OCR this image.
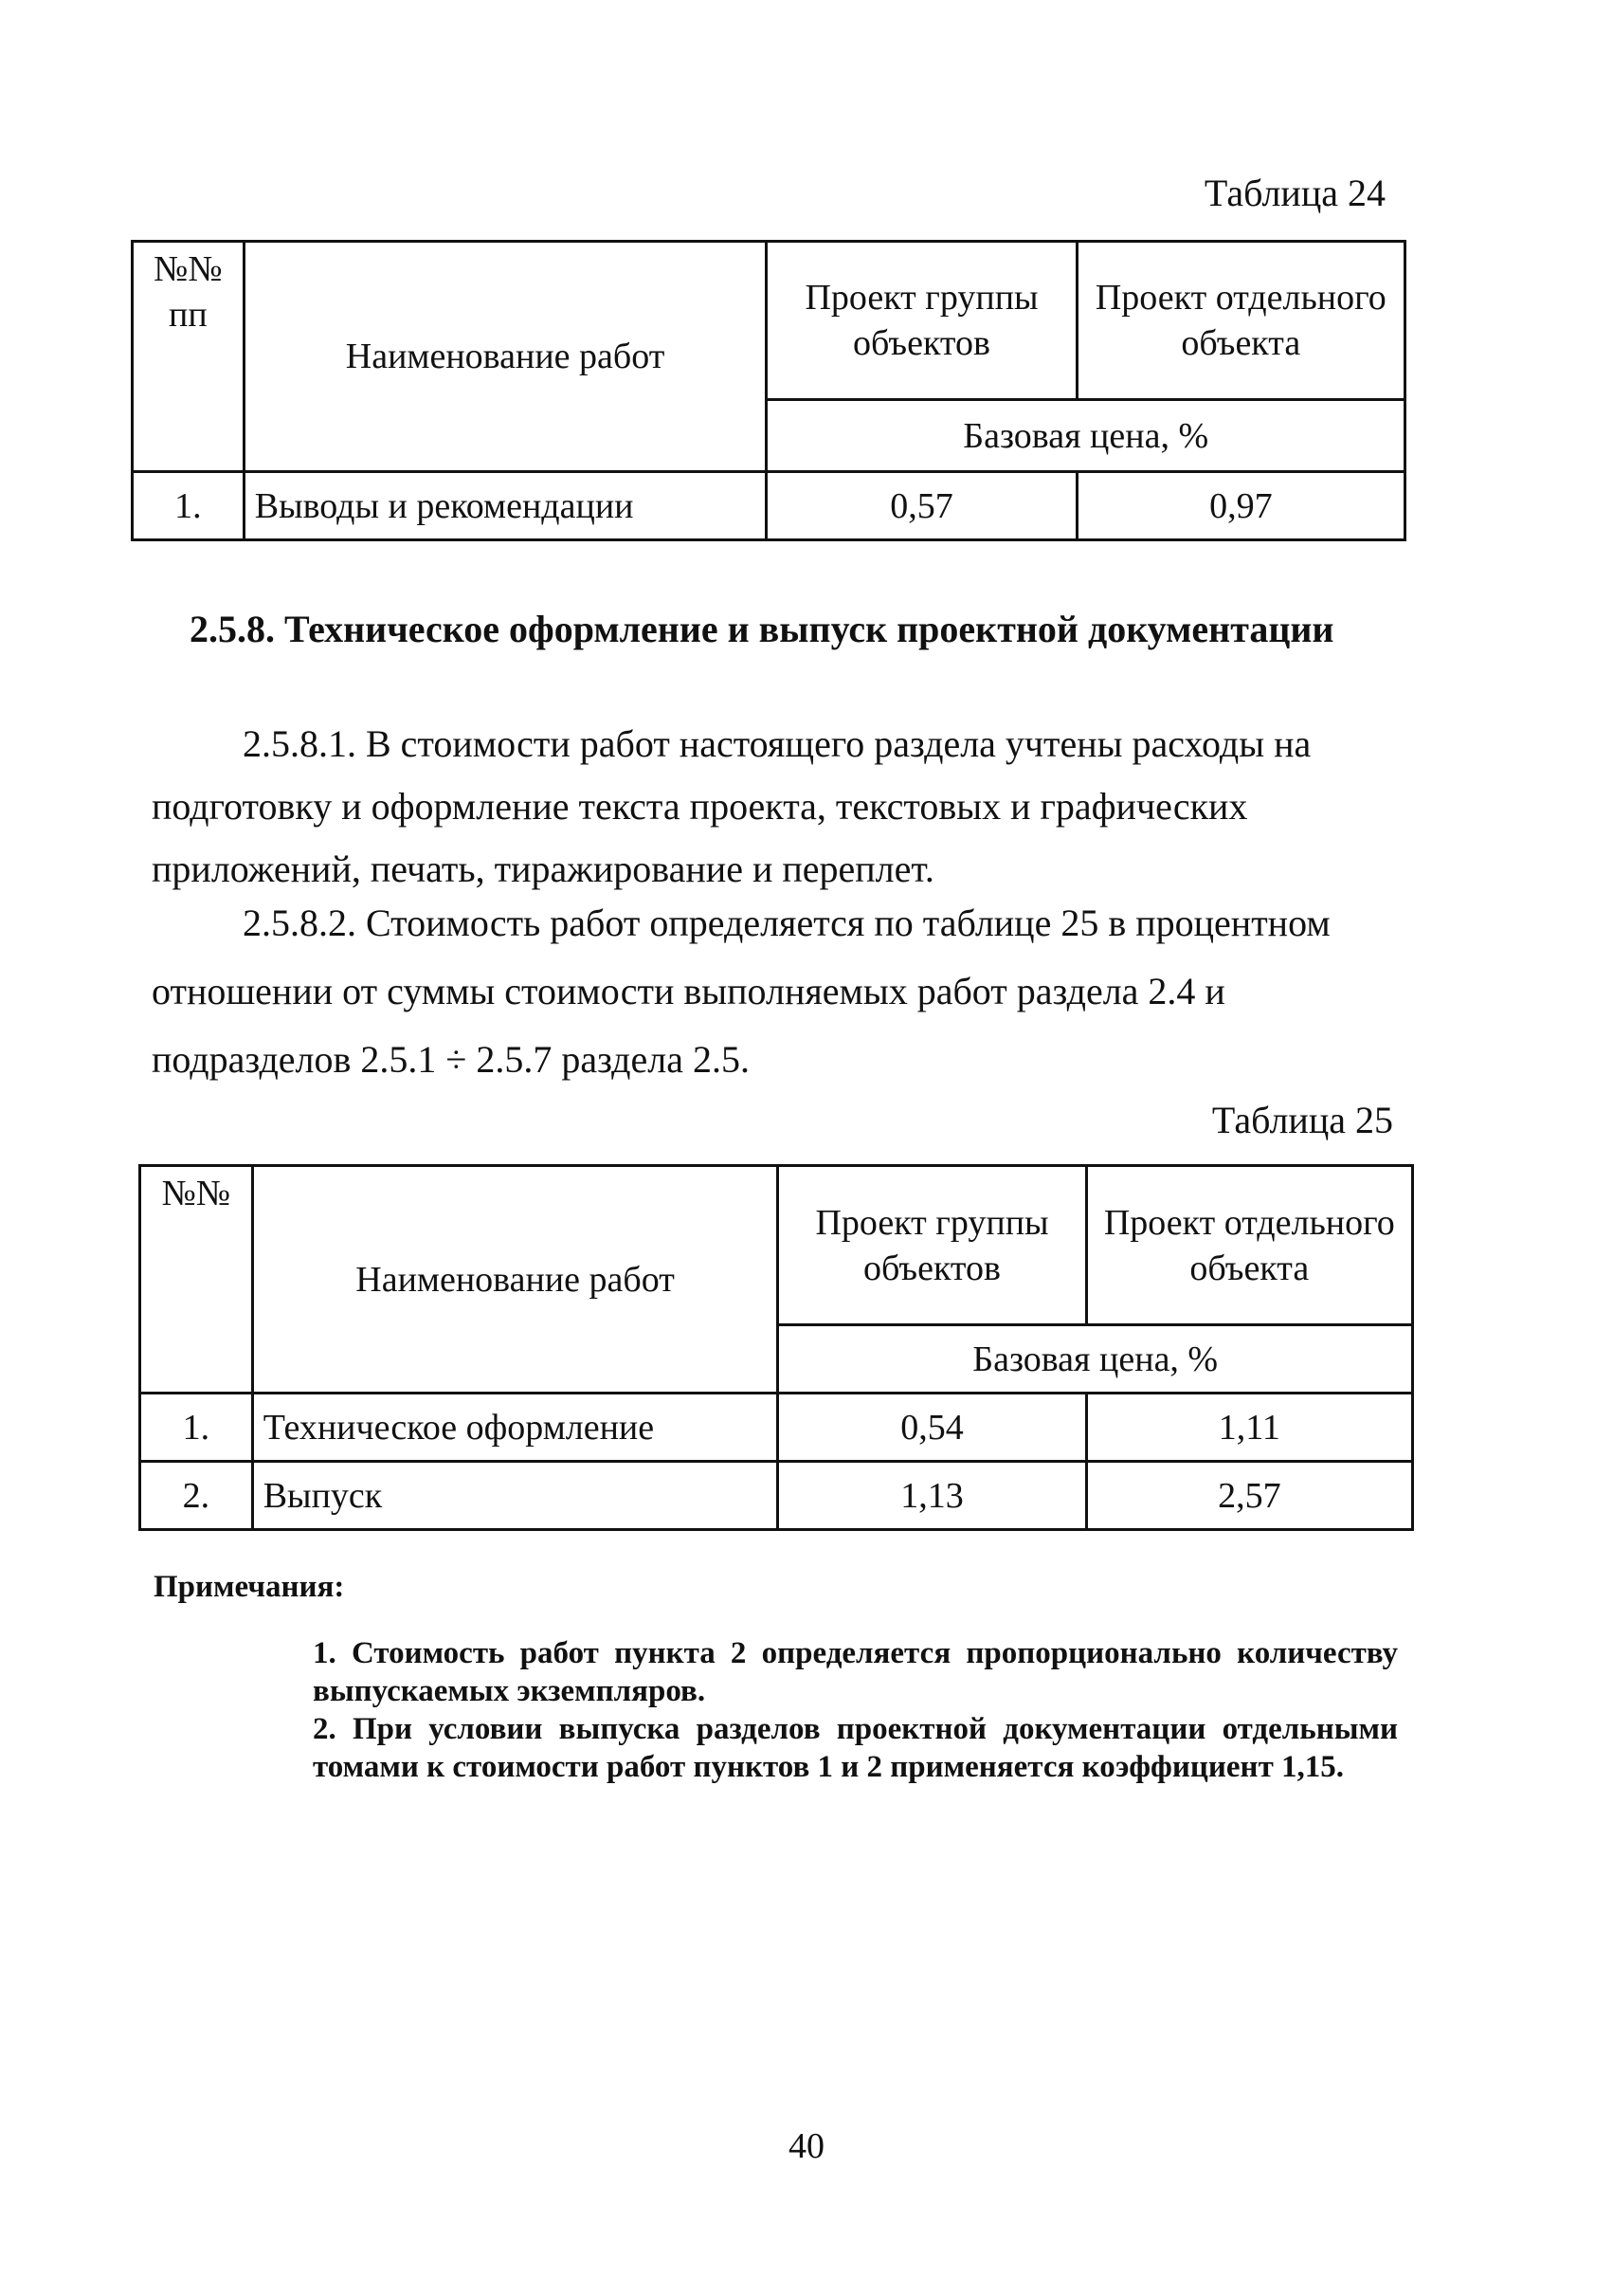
Таблица 24
№№ пп	Наименование работ	Проект группы объектов	Проект отдельного объекта
		Базовая цена, %	
1.	Выводы и рекомендации	0,57	0,97
2.5.8. Техническое оформление и выпуск проектной документации
2.5.8.1. В стоимости работ настоящего раздела учтены расходы на
подготовку и оформление текста проекта, текстовых и графических
приложений, печать, тиражирование и переплет.
2.5.8.2. Стоимость работ определяется по таблице 25 в процентном
отношении от суммы стоимости выполняемых работ раздела 2.4 и
подразделов 2.5.1 ÷ 2.5.7 раздела 2.5.
Таблица 25
№№	Наименование работ	Проект группы объектов	Проект отдельного объекта
		Базовая цена, %	
1.	Техническое оформление	0,54	1,11
2.	Выпуск	1,13	2,57
Примечания:
1. Стоимость работ пункта 2 определяется пропорционально количеству выпускаемых экземпляров.
2. При условии выпуска разделов проектной документации отдельными томами к стоимости работ пунктов 1 и 2 применяется коэффициент 1,15.
40
